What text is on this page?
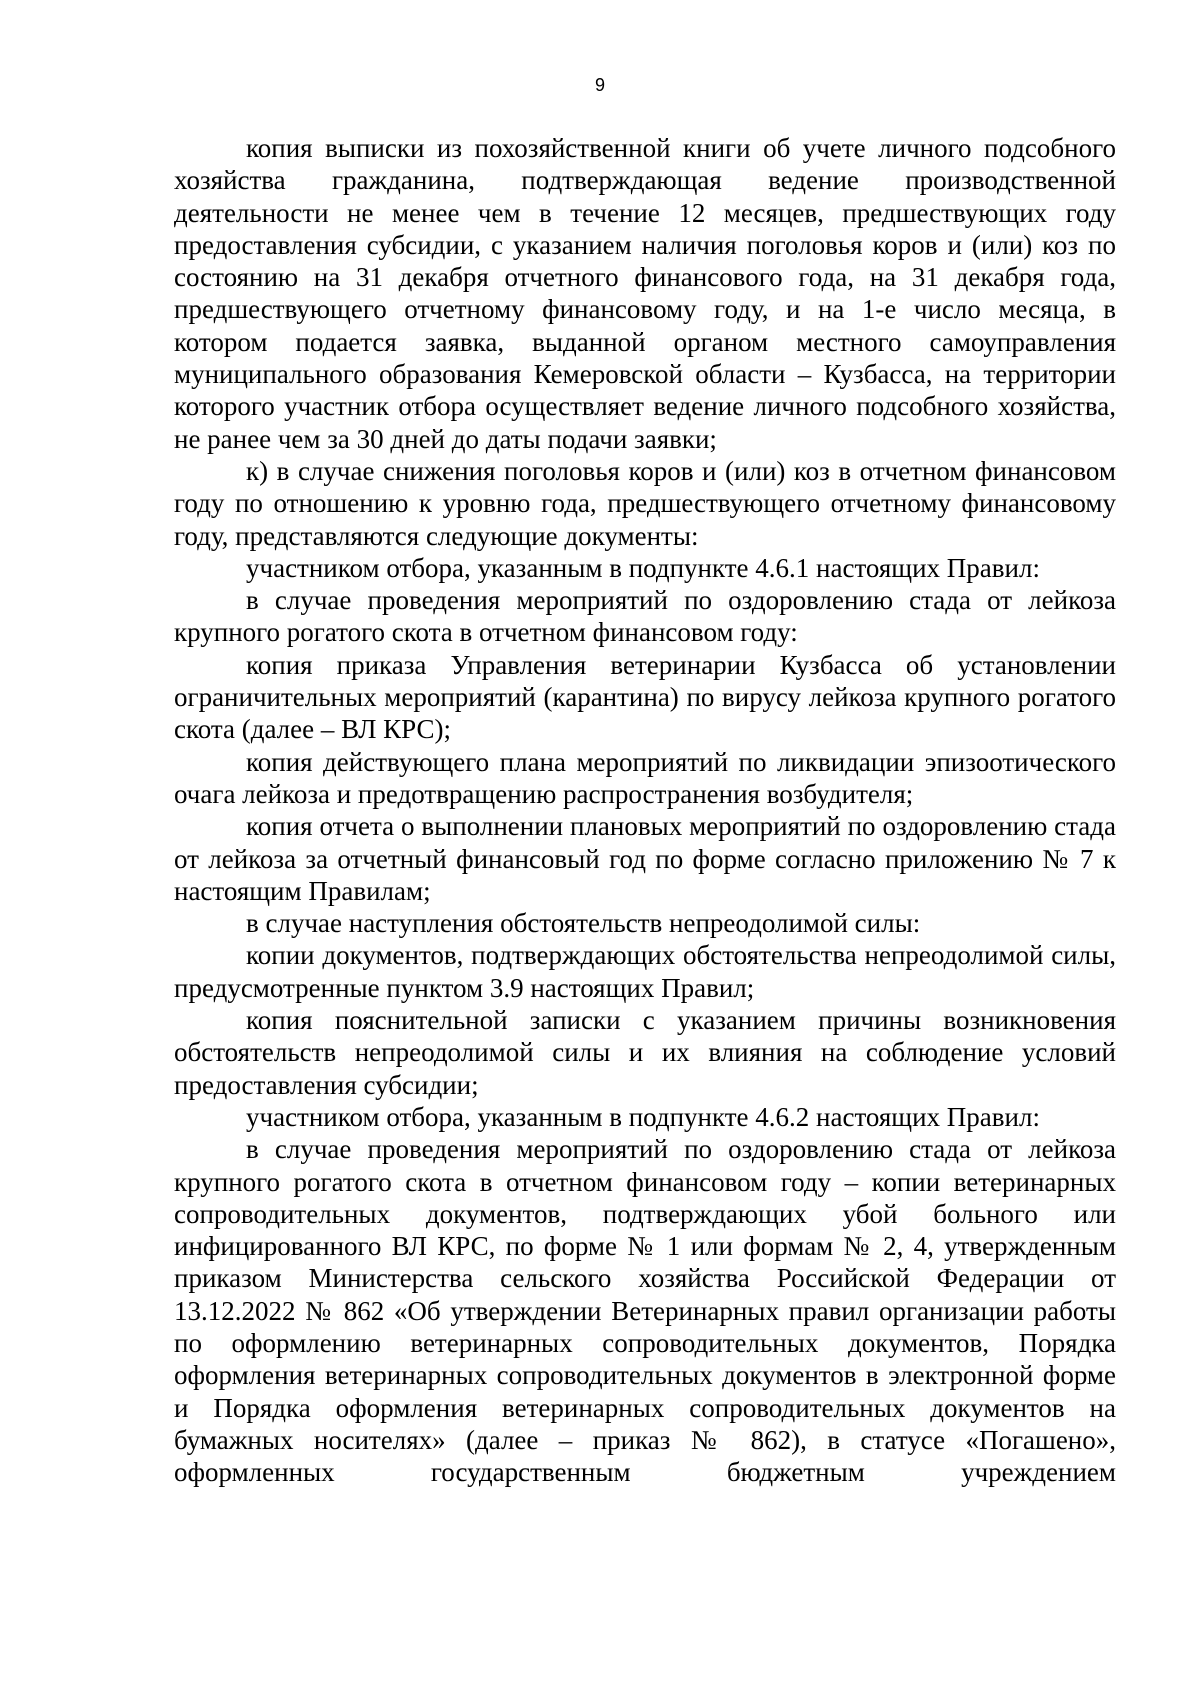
9

копия выписки из похозяйственной книги об учете личного подсобного хозяйства гражданина, подтверждающая ведение производственной деятельности не менее чем в течение 12 месяцев, предшествующих году предоставления субсидии, с указанием наличия поголовья коров и (или) коз по состоянию на 31 декабря отчетного финансового года, на 31 декабря года, предшествующего отчетному финансовому году, и на 1-е число месяца, в котором подается заявка, выданной органом местного самоуправления муниципального образования Кемеровской области – Кузбасса, на территории которого участник отбора осуществляет ведение личного подсобного хозяйства, не ранее чем за 30 дней до даты подачи заявки;

к) в случае снижения поголовья коров и (или) коз в отчетном финансовом году по отношению к уровню года, предшествующего отчетному финансовому году, представляются следующие документы:

участником отбора, указанным в подпункте 4.6.1 настоящих Правил:

в случае проведения мероприятий по оздоровлению стада от лейкоза крупного рогатого скота в отчетном финансовом году:

копия приказа Управления ветеринарии Кузбасса об установлении ограничительных мероприятий (карантина) по вирусу лейкоза крупного рогатого скота (далее – ВЛ КРС);

копия действующего плана мероприятий по ликвидации эпизоотического очага лейкоза и предотвращению распространения возбудителя;

копия отчета о выполнении плановых мероприятий по оздоровлению стада от лейкоза за отчетный финансовый год по форме согласно приложению № 7 к настоящим Правилам;

в случае наступления обстоятельств непреодолимой силы:

копии документов, подтверждающих обстоятельства непреодолимой силы, предусмотренные пунктом 3.9 настоящих Правил;

копия пояснительной записки с указанием причины возникновения обстоятельств непреодолимой силы и их влияния на соблюдение условий предоставления субсидии;

участником отбора, указанным в подпункте 4.6.2 настоящих Правил:

в случае проведения мероприятий по оздоровлению стада от лейкоза крупного рогатого скота в отчетном финансовом году – копии ветеринарных сопроводительных документов, подтверждающих убой больного или инфицированного ВЛ КРС, по форме № 1 или формам № 2, 4, утвержденным приказом Министерства сельского хозяйства Российской Федерации от 13.12.2022 № 862 «Об утверждении Ветеринарных правил организации работы по оформлению ветеринарных сопроводительных документов, Порядка оформления ветеринарных сопроводительных документов в электронной форме и Порядка оформления ветеринарных сопроводительных документов на бумажных носителях» (далее – приказ № 862), в статусе «Погашено», оформленных государственным бюджетным учреждением
